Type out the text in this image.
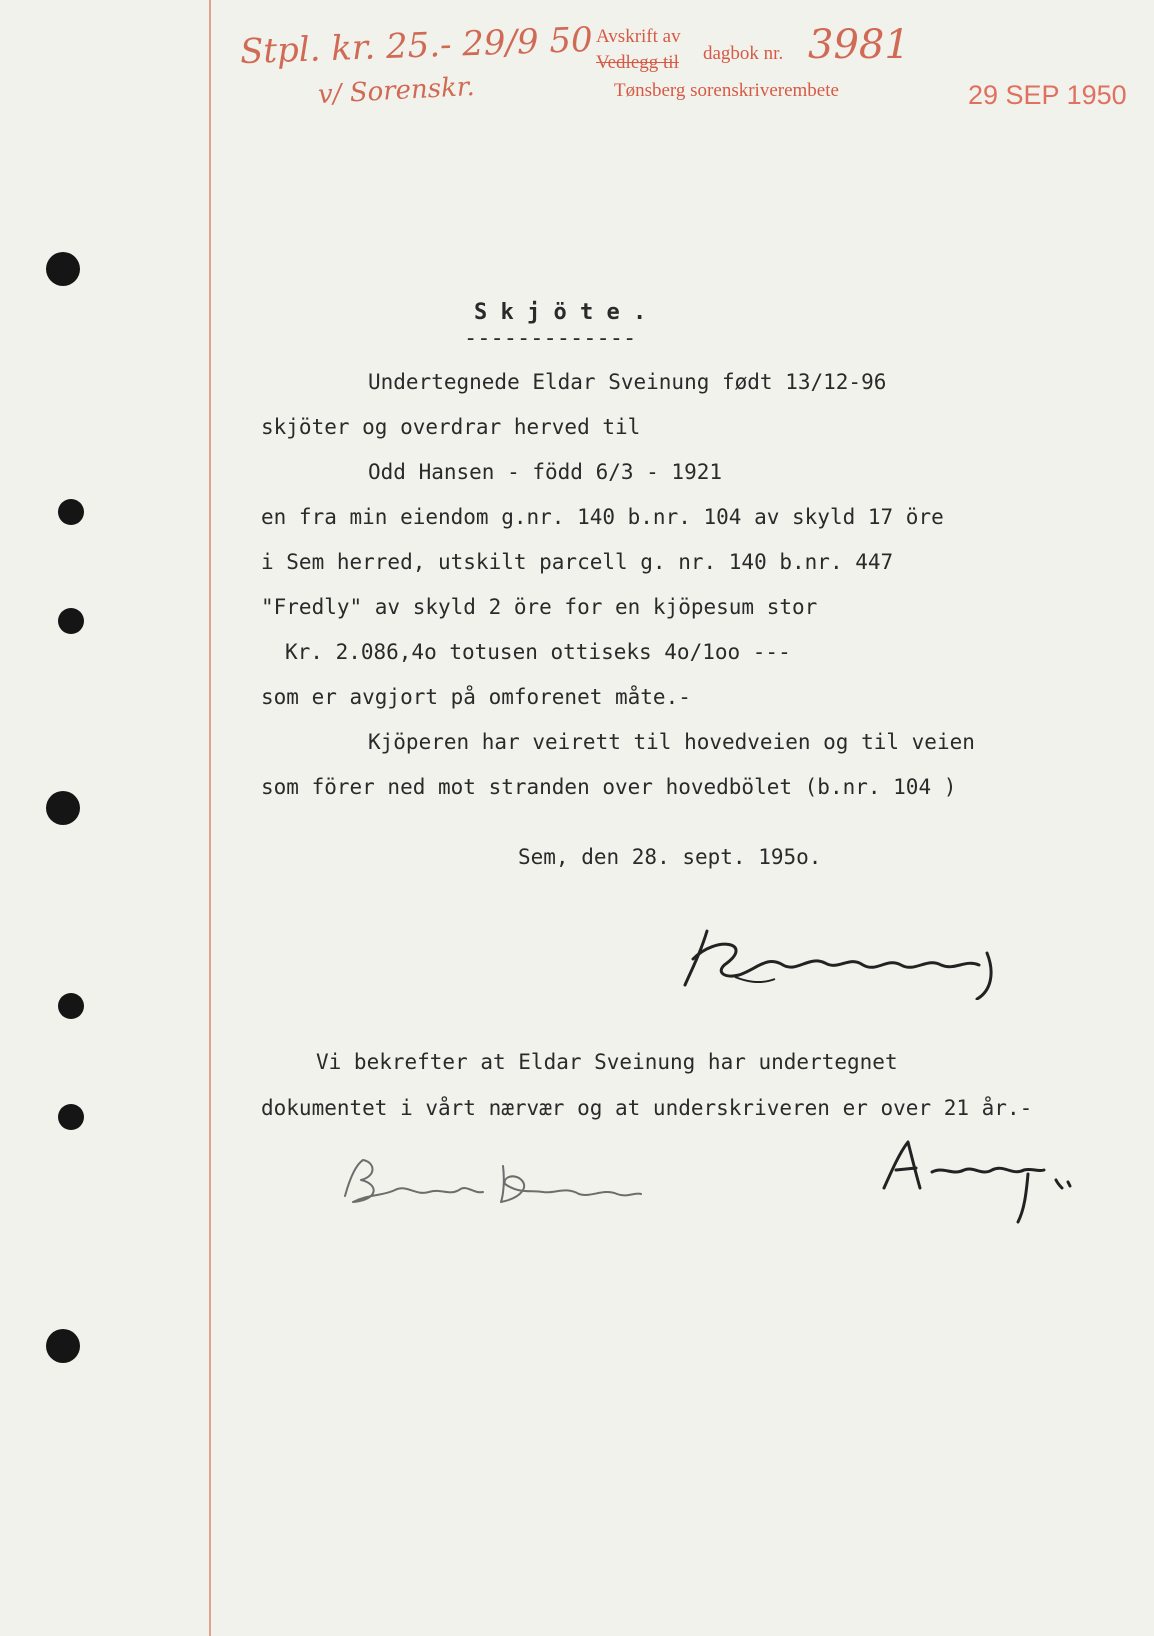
Stpl. kr. 25.- 29/9 50
v/ Sorenskr.
Avskrift av
Vedlegg til dagbok nr. 3981
Tønsberg sorenskriverembete	29 SEP 1950
S k j ö t e .
-------------
Undertegnede Eldar Sveinung født 13/12-96
skjöter og overdrar herved til
Odd Hansen - född 6/3 - 1921
en fra min eiendom g.nr. 140 b.nr. 104 av skyld 17 öre
i Sem herred, utskilt parcell g. nr. 140 b.nr. 447
"Fredly" av skyld 2 öre for en kjöpesum stor
Kr. 2.086,4o totusen ottiseks 4o/1oo ---
som er avgjort på omforenet måte.-
Kjöperen har veirett til hovedveien og til veien
som förer ned mot stranden over hovedbölet (b.nr. 104 )
Sem, den 28. sept. 195o.
Vi bekrefter at Eldar Sveinung har undertegnet
dokumentet i vårt nærvær og at underskriveren er over 21 år.-
